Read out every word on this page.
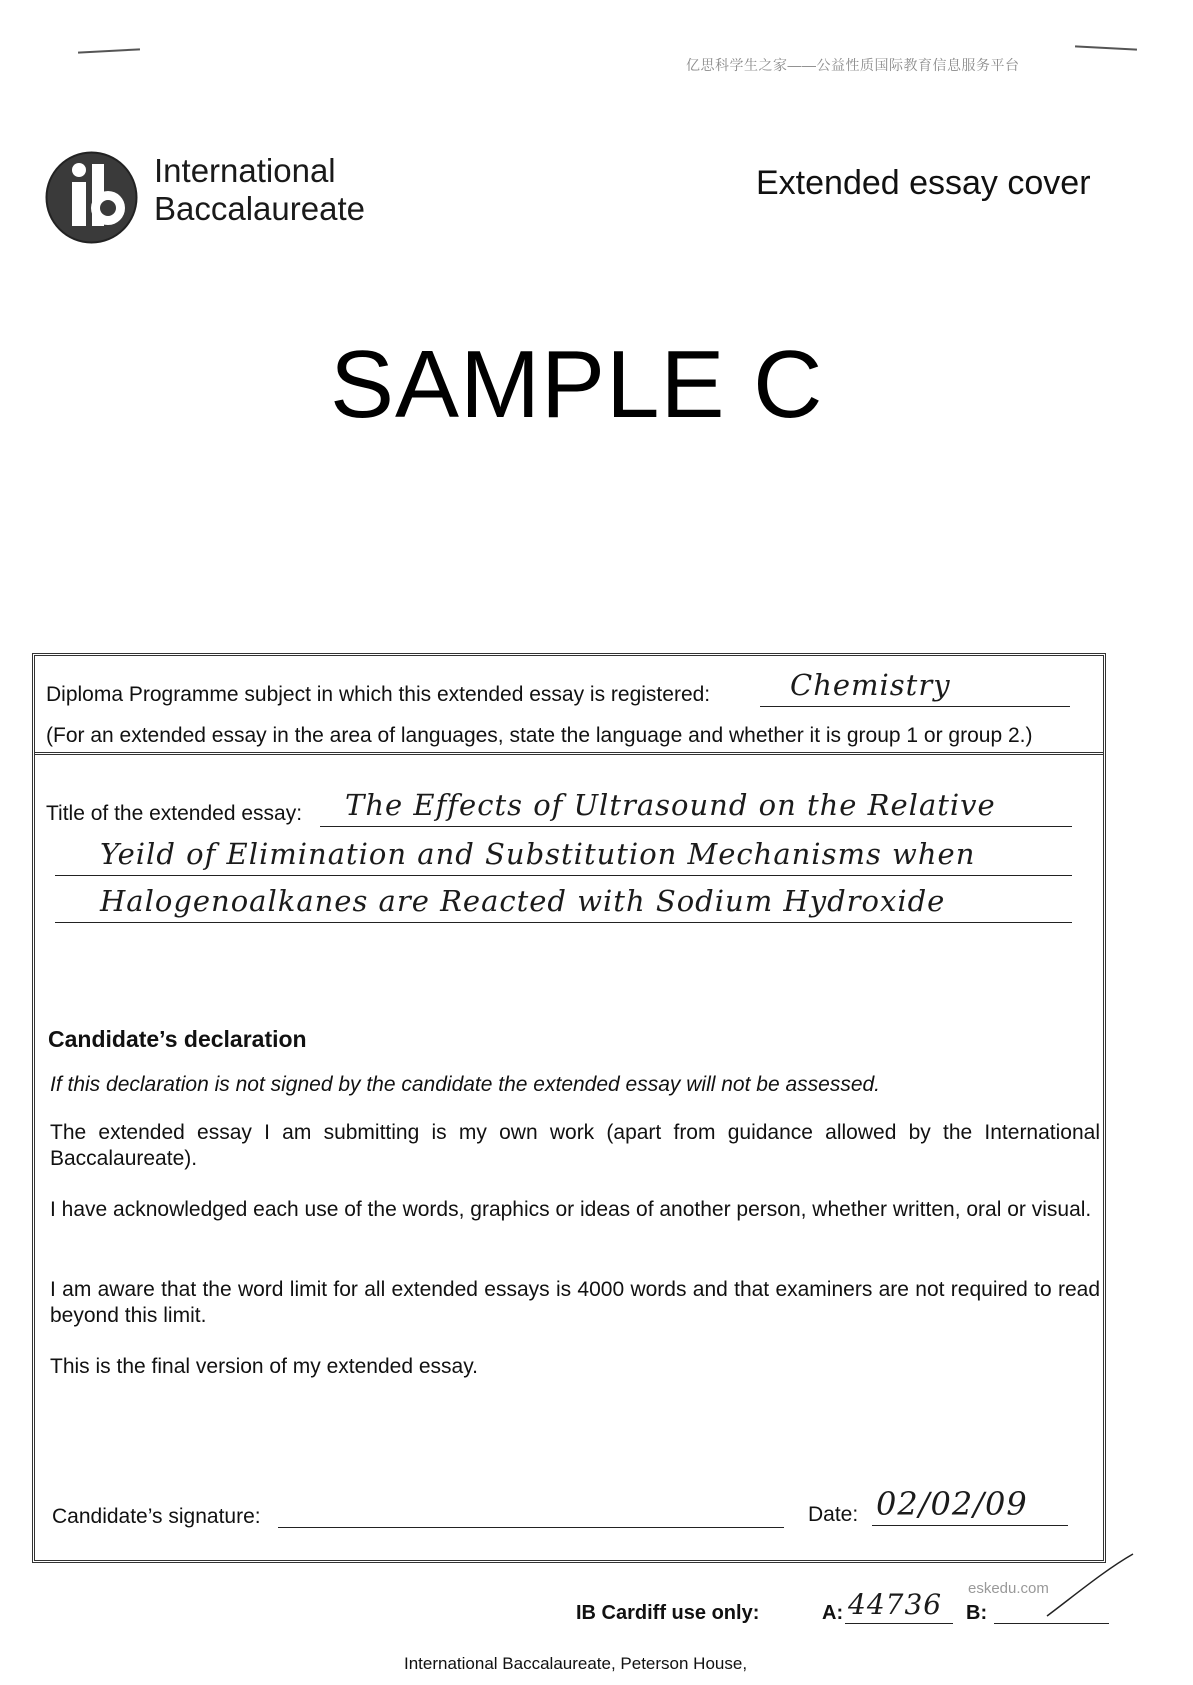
亿思科学生之家——公益性质国际教育信息服务平台
International
Baccalaureate
Extended essay cover
SAMPLE C
Diploma Programme subject in which this extended essay is registered:	Chemistry
(For an extended essay in the area of languages, state the language and whether it is group 1 or group 2.)
Title of the extended essay: The Effects of Ultrasound on the Relative
Yeild of Elimination and Substitution Mechanisms when
Halogenoalkanes are Reacted with Sodium Hydroxide
Candidate’s declaration
If this declaration is not signed by the candidate the extended essay will not be assessed.
The extended essay I am submitting is my own work (apart from guidance allowed by the International Baccalaureate).
I have acknowledged each use of the words, graphics or ideas of another person, whether written, oral or visual.
I am aware that the word limit for all extended essays is 4000 words and that examiners are not required to read beyond this limit.
This is the final version of my extended essay.
Candidate’s signature:	Date: 02/02/09
IB Cardiff use only:	A: 44736 B:
eskedu.com
International Baccalaureate, Peterson House,
